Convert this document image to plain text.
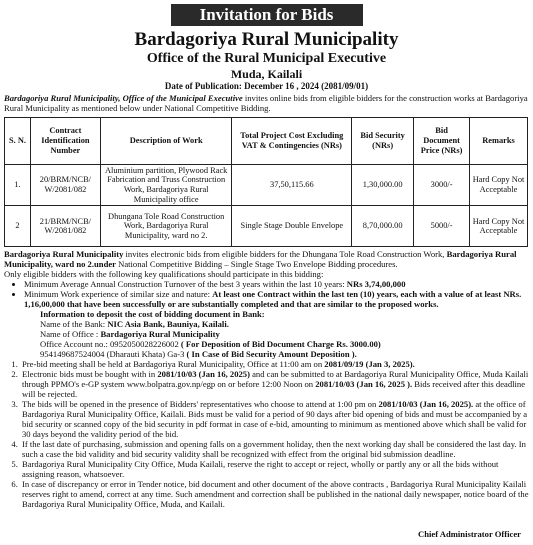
Invitation for Bids
Bardagoriya Rural Municipality
Office of the Rural Municipal Executive
Muda, Kailali
Date of Publication: December 16 , 2024 (2081/09/01)
Bardagoriya Rural Municipality, Office of the Municipal Executive invites online bids from eligible bidders for the construction works at Bardagoriya Rural Municipality as mentioned below under National Competitive Bidding.
S. N.	Contract Identification Number	Description of Work	Total Project Cost Excluding VAT & Contingencies (NRs)	Bid Security (NRs)	Bid Document Price (NRs)	Remarks
1.	20/BRM/NCB/ W/2081/082	Aluminium partition, Plywood Rack Fabrication and Truss Construction Work, Bardagoriya Rural Municipality office	37,50,115.66	1,30,000.00	3000/-	Hard Copy Not Acceptable
2	21/BRM/NCB/ W/2081/082	Dhungana Tole Road Construction Work, Bardagoriya Rural Municipality, ward no 2.	Single Stage Double Envelope	8,70,000.00	5000/-	Hard Copy Not Acceptable
Bardagoriya Rural Municipality invites electronic bids from eligible bidders for the Dhungana Tole Road Construction Work, Bardagoriya Rural Municipality, ward no 2.under National Competitive Bidding – Single Stage Two Envelope Bidding procedures.
Only eligible bidders with the following key qualifications should participate in this bidding:
• Minimum Average Annual Construction Turnover of the best 3 years within the last 10 years: NRs 3,74,00,000
• Minimum Work experience of similar size and nature: At least one Contract within the last ten (10) years, each with a value of at least NRs. 1,16,00,000 that have been successfully or are substantially completed and that are similar to the proposed works.
Information to deposit the cost of bidding document in Bank:
Name of the Bank: NIC Asia Bank, Bauniya, Kailali.
Name of Office : Bardagoriya Rural Municipality
Office Account no.: 0952050028226002 ( For Deposition of Bid Document Charge Rs. 3000.00)
954149687524004 (Dharauti Khata) Ga-3 ( In Case of Bid Security Amount Deposition ).
1. Pre-bid meeting shall be held at Bardagoriya Rural Municipality, Office at 11:00 am on 2081/09/19 (Jan 3, 2025).
2. Electronic bids must be bought with in 2081/10/03 (Jan 16, 2025) and can be submitted to at Bardagoriya Rural Municipality Office, Muda Kailali through PPMO's e-GP system www.bolpatra.gov.np/egp on or before 12:00 Noon on 2081/10/03 (Jan 16, 2025 ). Bids received after this deadline will be rejected.
3. The bids will be opened in the presence of Bidders' representatives who choose to attend at 1:00 pm on 2081/10/03 (Jan 16, 2025). at the office of Bardagoriya Rural Municipality Office, Kailali. Bids must be valid for a period of 90 days after bid opening of bids and must be accompanied by a bid security or scanned copy of the bid security in pdf format in case of e-bid, amounting to minimum as mentioned above which shall be valid for 30 days beyond the validity period of the bid.
4. If the last date of purchasing, submission and opening falls on a government holiday, then the next working day shall be considered the last day. In such a case the bid validity and bid security validity shall be recognized with effect from the original bid submission deadline.
5. Bardagoriya Rural Municipality City Office, Muda Kailali, reserve the right to accept or reject, wholly or partly any or all the bids without assigning reason, whatsoever.
6. In case of discrepancy or error in Tender notice, bid document and other document of the above contracts , Bardagoriya Rural Municipality Kailali reserves right to amend, correct at any time. Such amendment and correction shall be published in the national daily newspaper, notice board of the Bardagoriya Rural Municipality Office, Muda, and Kailali.
Chief Administrator Officer
